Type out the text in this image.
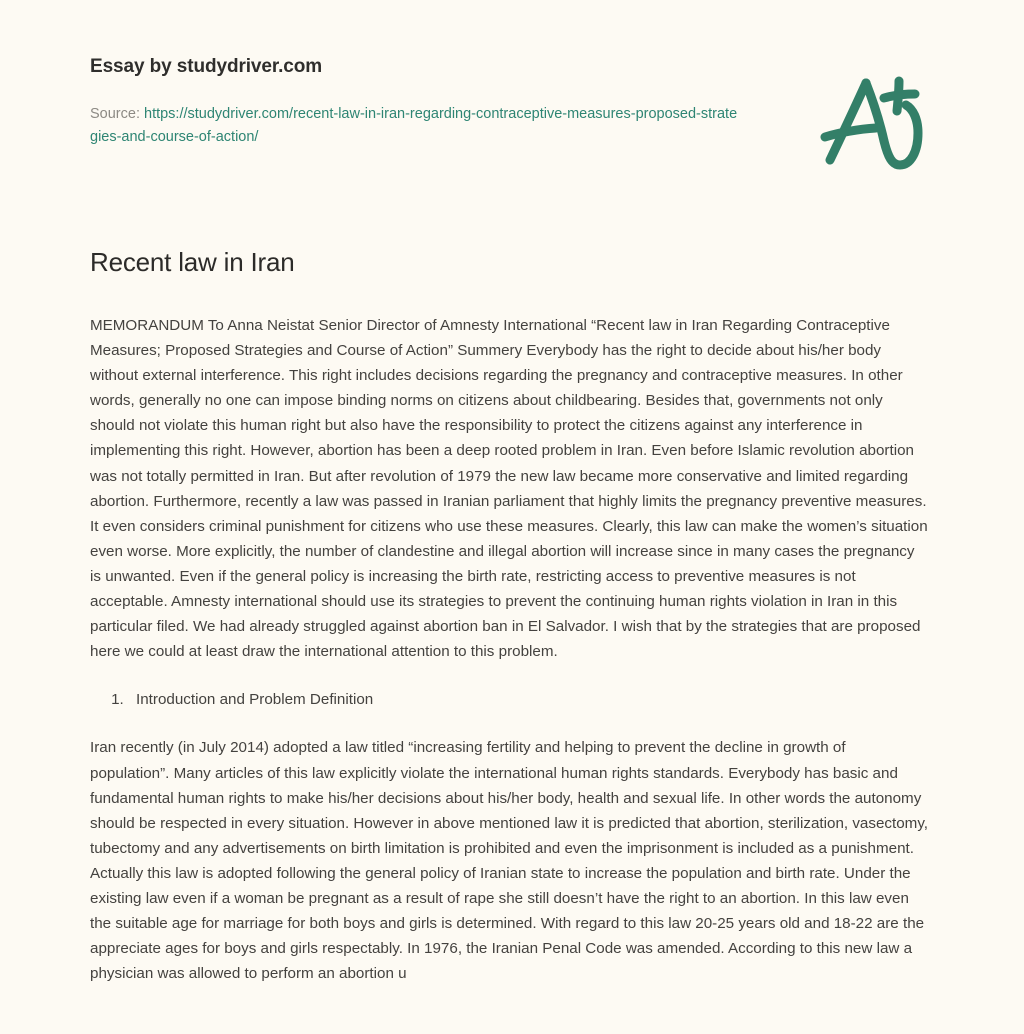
Essay by studydriver.com
Source: https://studydriver.com/recent-law-in-iran-regarding-contraceptive-measures-proposed-strategies-and-course-of-action/
Recent law in Iran

MEMORANDUM To Anna Neistat Senior Director of Amnesty International “Recent law in Iran Regarding Contraceptive Measures; Proposed Strategies and Course of Action” Summery Everybody has the right to decide about his/her body without external interference. This right includes decisions regarding the pregnancy and contraceptive measures. In other words, generally no one can impose binding norms on citizens about childbearing. Besides that, governments not only should not violate this human right but also have the responsibility to protect the citizens against any interference in implementing this right. However, abortion has been a deep rooted problem in Iran. Even before Islamic revolution abortion was not totally permitted in Iran. But after revolution of 1979 the new law became more conservative and limited regarding abortion. Furthermore, recently a law was passed in Iranian parliament that highly limits the pregnancy preventive measures. It even considers criminal punishment for citizens who use these measures. Clearly, this law can make the women’s situation even worse. More explicitly, the number of clandestine and illegal abortion will increase since in many cases the pregnancy is unwanted. Even if the general policy is increasing the birth rate, restricting access to preventive measures is not acceptable. Amnesty international should use its strategies to prevent the continuing human rights violation in Iran in this particular filed. We had already struggled against abortion ban in El Salvador. I wish that by the strategies that are proposed here we could at least draw the international attention to this problem.

1. Introduction and Problem Definition

Iran recently (in July 2014) adopted a law titled “increasing fertility and helping to prevent the decline in growth of population”. Many articles of this law explicitly violate the international human rights standards. Everybody has basic and fundamental human rights to make his/her decisions about his/her body, health and sexual life. In other words the autonomy should be respected in every situation. However in above mentioned law it is predicted that abortion, sterilization, vasectomy, tubectomy and any advertisements on birth limitation is prohibited and even the imprisonment is included as a punishment. Actually this law is adopted following the general policy of Iranian state to increase the population and birth rate. Under the existing law even if a woman be pregnant as a result of rape she still doesn’t have the right to an abortion. In this law even the suitable age for marriage for both boys and girls is determined. With regard to this law 20-25 years old and 18-22 are the appreciate ages for boys and girls respectably. In 1976, the Iranian Penal Code was amended. According to this new law a physician was allowed to perform an abortion u
